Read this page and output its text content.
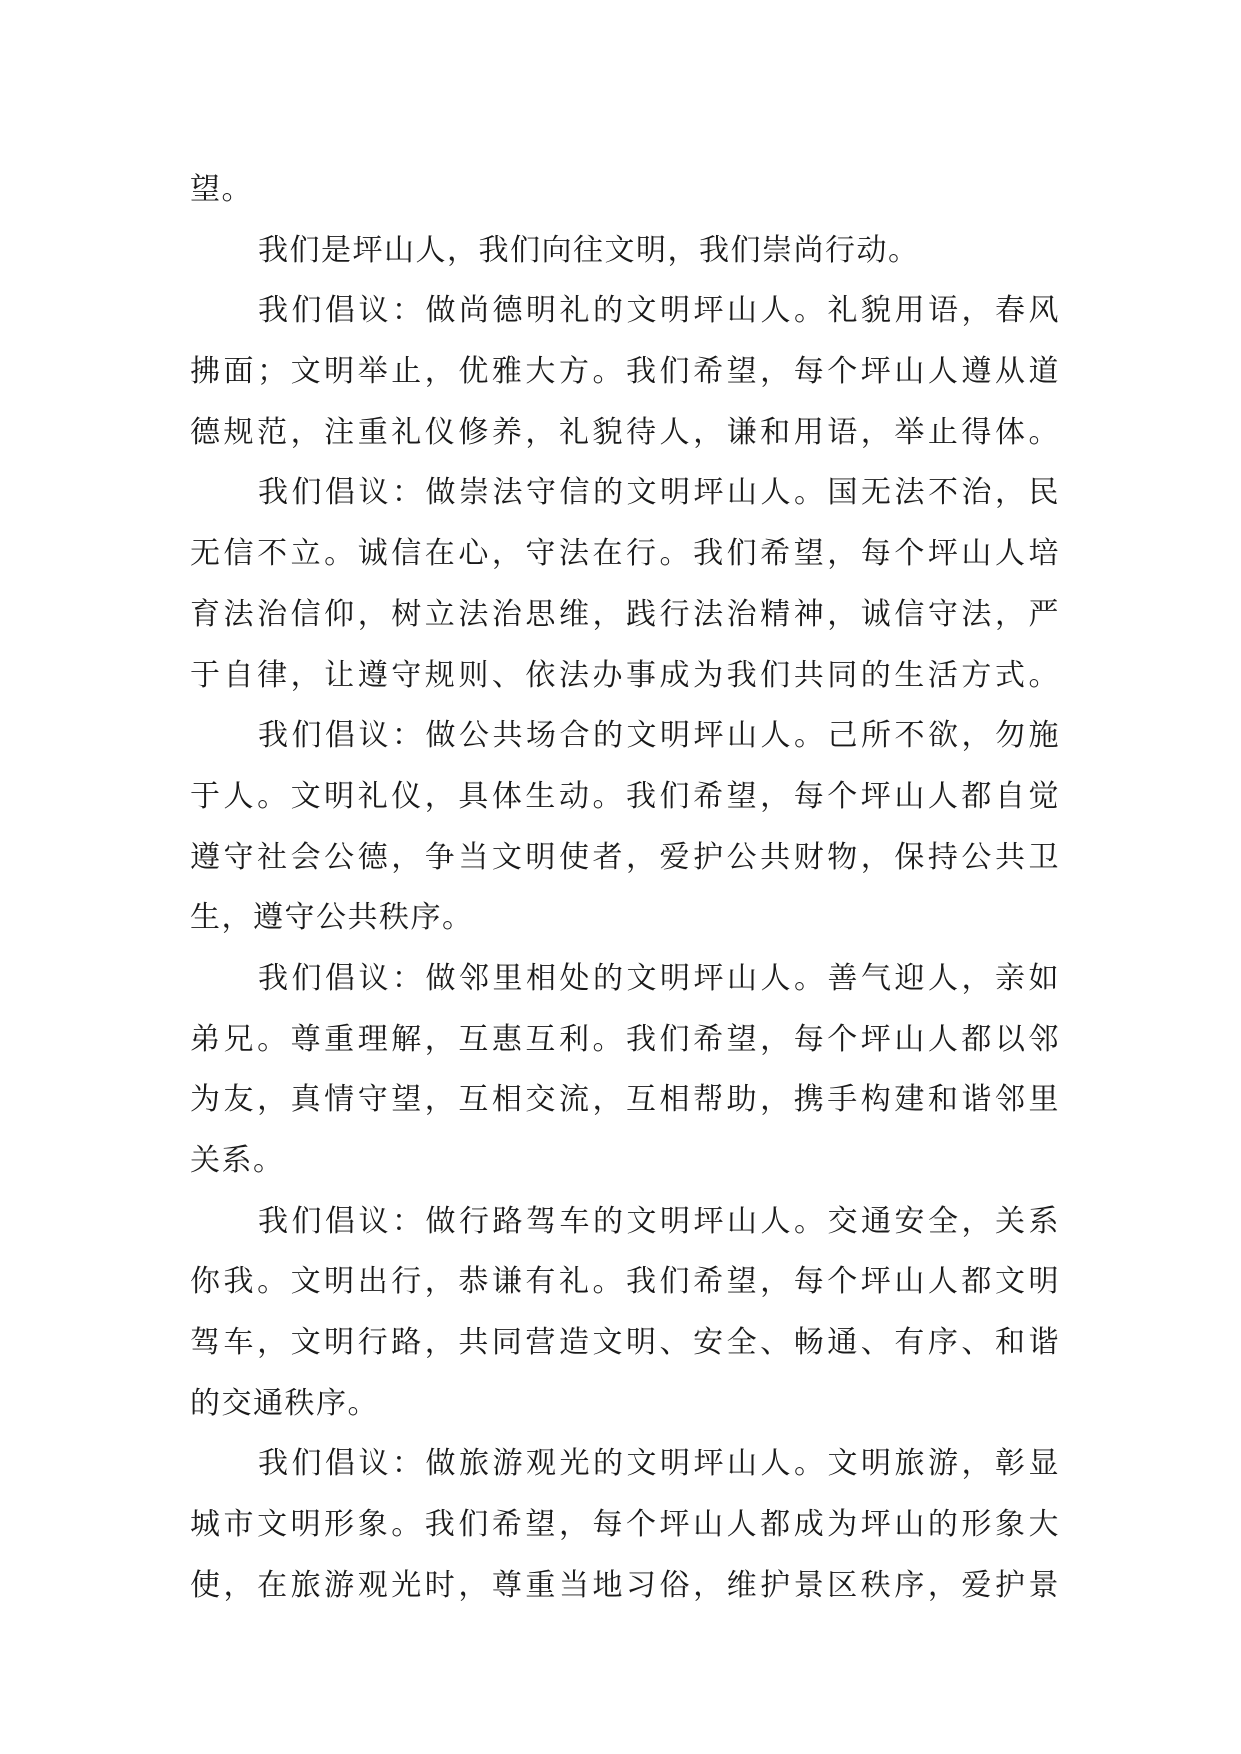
望。
我们是坪山人，我们向往文明，我们崇尚行动。
我们倡议：做尚德明礼的文明坪山人。礼貌用语，春风
拂面；文明举止，优雅大方。我们希望，每个坪山人遵从道
德规范，注重礼仪修养，礼貌待人，谦和用语，举止得体。
我们倡议：做崇法守信的文明坪山人。国无法不治，民
无信不立。诚信在心，守法在行。我们希望，每个坪山人培
育法治信仰，树立法治思维，践行法治精神，诚信守法，严
于自律，让遵守规则、依法办事成为我们共同的生活方式。
我们倡议：做公共场合的文明坪山人。己所不欲，勿施
于人。文明礼仪，具体生动。我们希望，每个坪山人都自觉
遵守社会公德，争当文明使者，爱护公共财物，保持公共卫
生，遵守公共秩序。
我们倡议：做邻里相处的文明坪山人。善气迎人，亲如
弟兄。尊重理解，互惠互利。我们希望，每个坪山人都以邻
为友，真情守望，互相交流，互相帮助，携手构建和谐邻里
关系。
我们倡议：做行路驾车的文明坪山人。交通安全，关系
你我。文明出行，恭谦有礼。我们希望，每个坪山人都文明
驾车，文明行路，共同营造文明、安全、畅通、有序、和谐
的交通秩序。
我们倡议：做旅游观光的文明坪山人。文明旅游，彰显
城市文明形象。我们希望，每个坪山人都成为坪山的形象大
使，在旅游观光时，尊重当地习俗，维护景区秩序，爱护景
